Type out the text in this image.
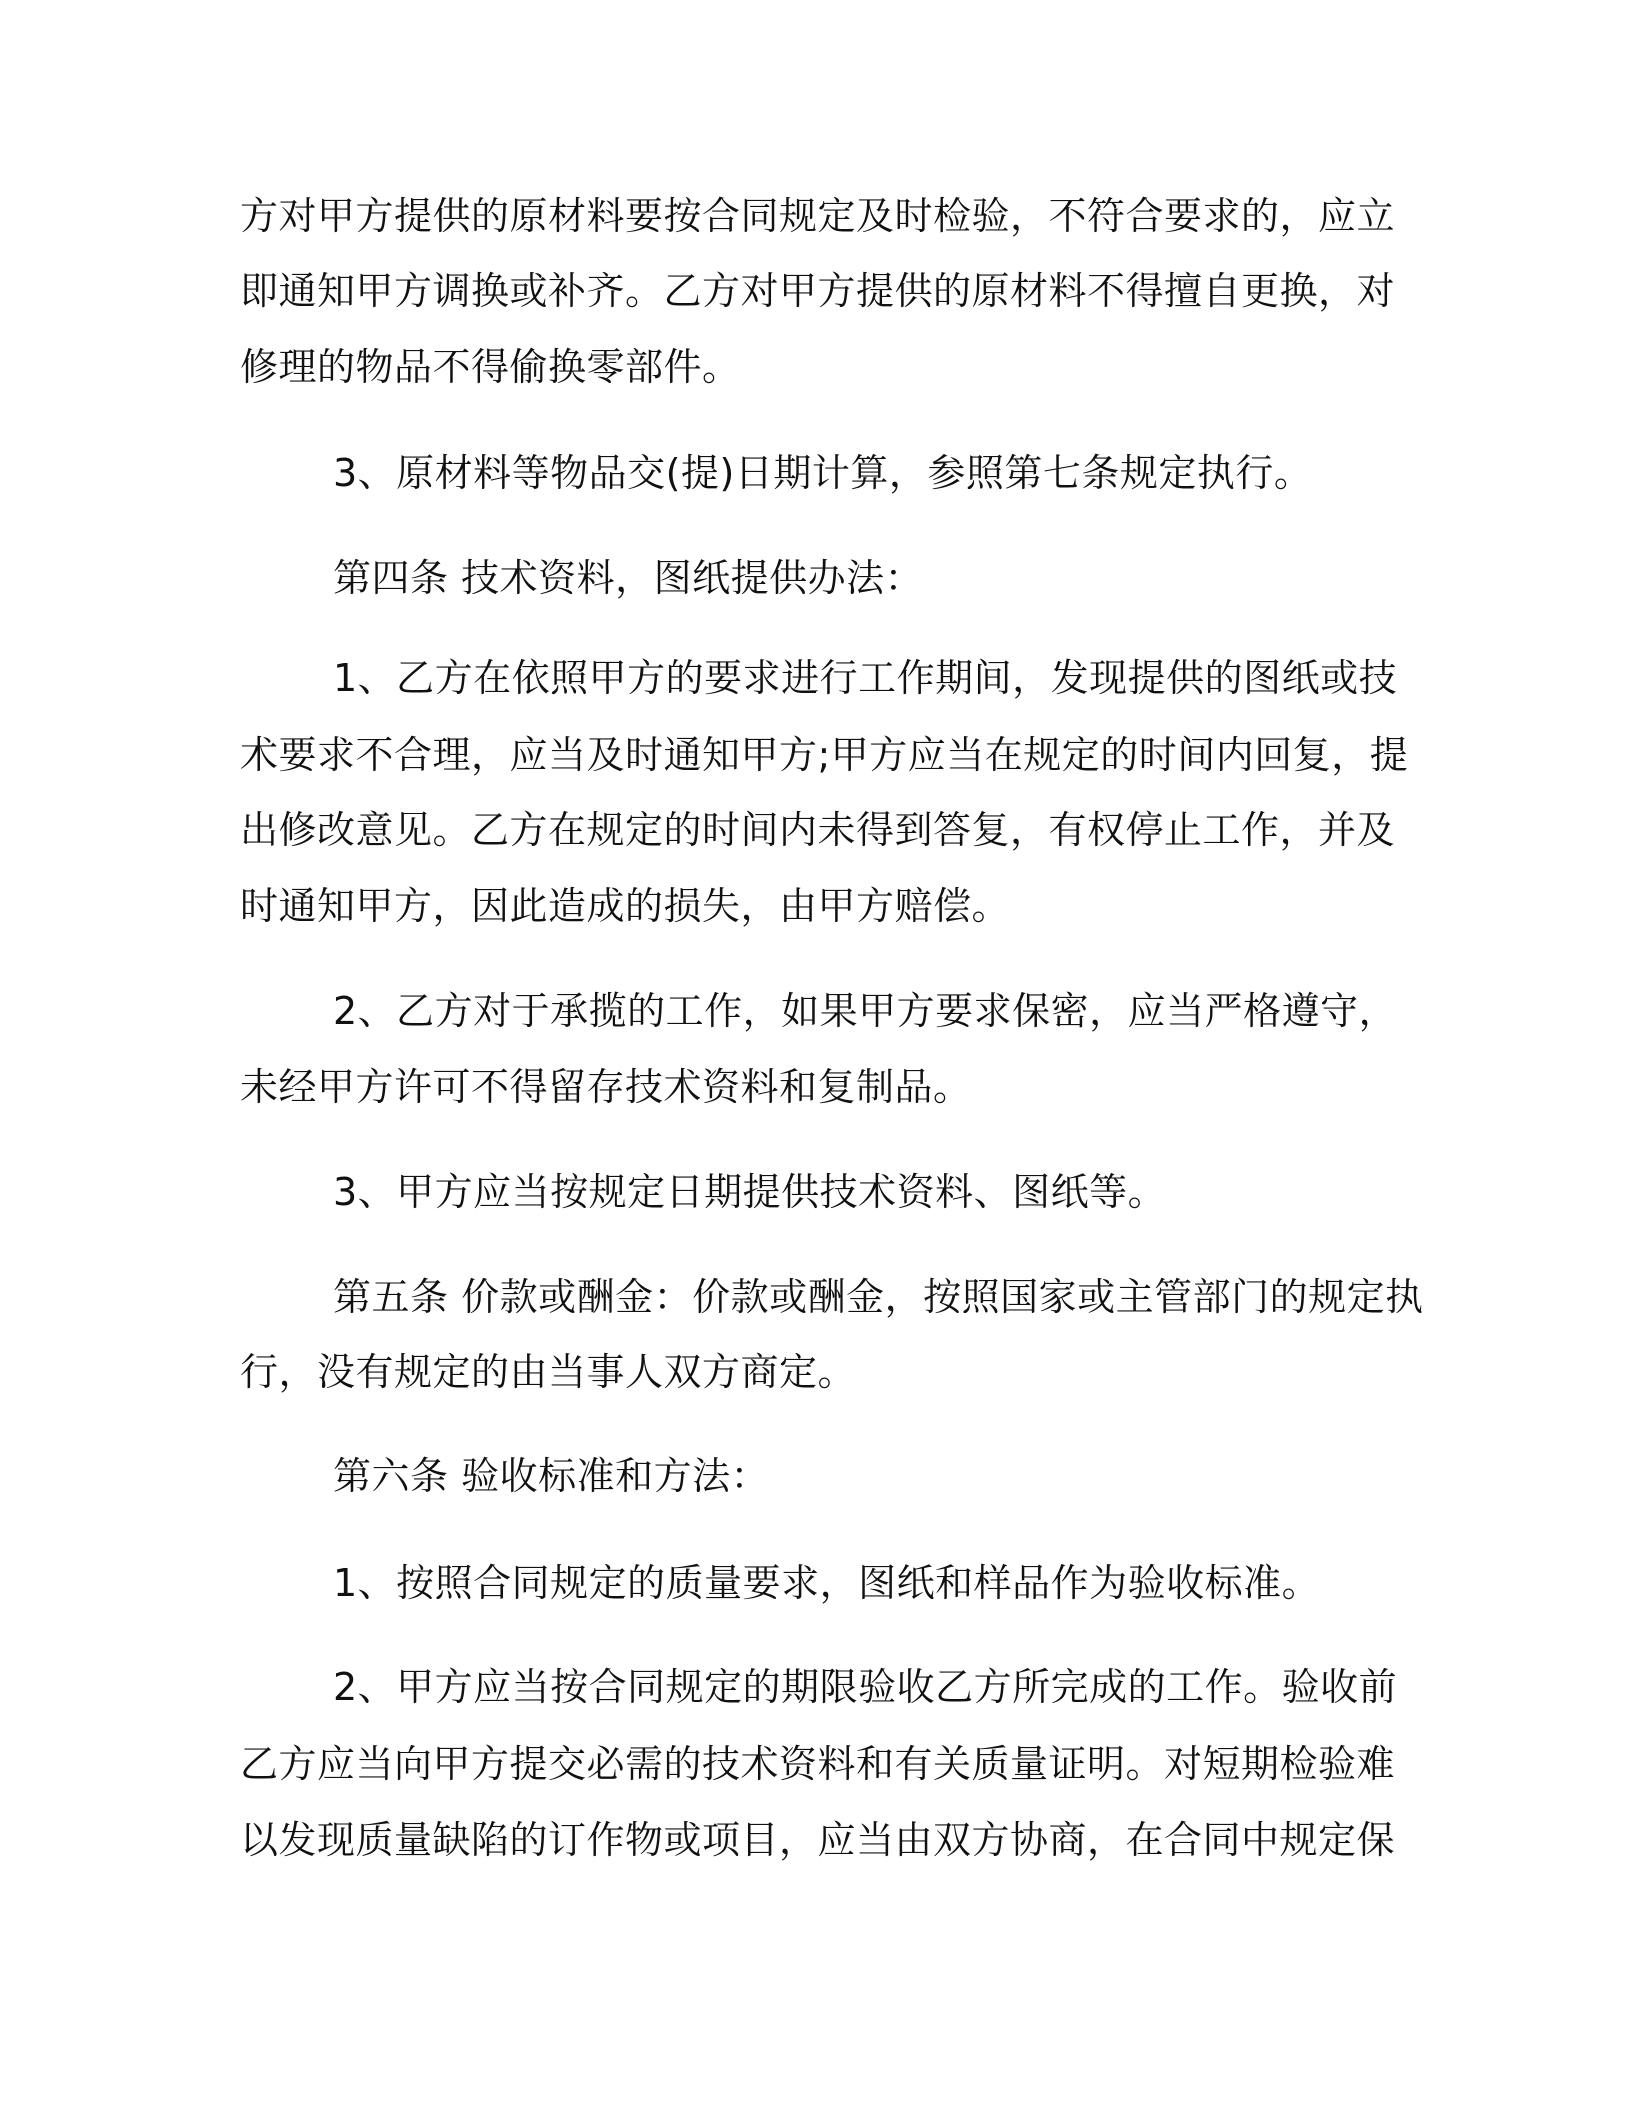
方对甲方提供的原材料要按合同规定及时检验，不符合要求的，应立
即通知甲方调换或补齐。乙方对甲方提供的原材料不得擅自更换，对
修理的物品不得偷换零部件。
3、原材料等物品交(提)日期计算，参照第七条规定执行。
第四条 技术资料，图纸提供办法：
1、乙方在依照甲方的要求进行工作期间，发现提供的图纸或技
术要求不合理，应当及时通知甲方;甲方应当在规定的时间内回复，提
出修改意见。乙方在规定的时间内未得到答复，有权停止工作，并及
时通知甲方，因此造成的损失，由甲方赔偿。
2、乙方对于承揽的工作，如果甲方要求保密，应当严格遵守，
未经甲方许可不得留存技术资料和复制品。
3、甲方应当按规定日期提供技术资料、图纸等。
第五条 价款或酬金：价款或酬金，按照国家或主管部门的规定执
行，没有规定的由当事人双方商定。
第六条 验收标准和方法：
1、按照合同规定的质量要求，图纸和样品作为验收标准。
2、甲方应当按合同规定的期限验收乙方所完成的工作。验收前
乙方应当向甲方提交必需的技术资料和有关质量证明。对短期检验难
以发现质量缺陷的订作物或项目，应当由双方协商，在合同中规定保
